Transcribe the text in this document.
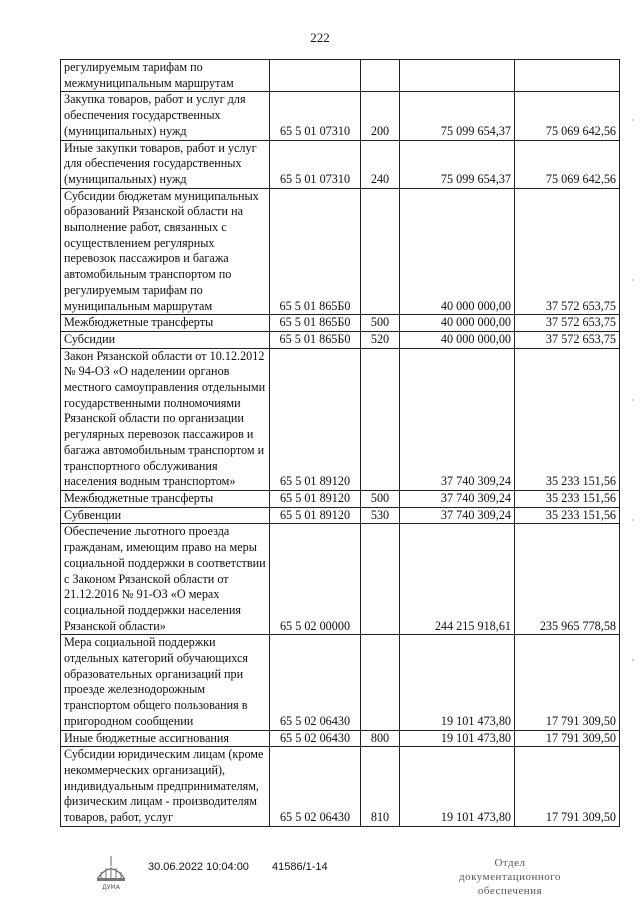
222
регулируемым тарифам по межмуниципальным маршрутам				
Закупка товаров, работ и услуг для обеспечения государственных (муниципальных) нужд	65 5 01 07310	200	75 099 654,37	75 069 642,56
Иные закупки товаров, работ и услуг для обеспечения государственных (муниципальных) нужд	65 5 01 07310	240	75 099 654,37	75 069 642,56
Субсидии бюджетам муниципальных образований Рязанской области на выполнение работ, связанных с осуществлением регулярных перевозок пассажиров и багажа автомобильным транспортом по регулируемым тарифам по муниципальным маршрутам	65 5 01 865Б0		40 000 000,00	37 572 653,75
Межбюджетные трансферты	65 5 01 865Б0	500	40 000 000,00	37 572 653,75
Субсидии	65 5 01 865Б0	520	40 000 000,00	37 572 653,75
Закон Рязанской области от 10.12.2012 № 94-ОЗ «О наделении органов местного самоуправления отдельными государственными полномочиями Рязанской области по организации регулярных перевозок пассажиров и багажа автомобильным транспортом и транспортного обслуживания населения водным транспортом»	65 5 01 89120		37 740 309,24	35 233 151,56
Межбюджетные трансферты	65 5 01 89120	500	37 740 309,24	35 233 151,56
Субвенции	65 5 01 89120	530	37 740 309,24	35 233 151,56
Обеспечение льготного проезда гражданам, имеющим право на меры социальной поддержки в соответствии с Законом Рязанской области от 21.12.2016 № 91-ОЗ «О мерах социальной поддержки населения Рязанской области»	65 5 02 00000		244 215 918,61	235 965 778,58
Мера социальной поддержки отдельных категорий обучающихся образовательных организаций при проезде железнодорожным транспортом общего пользования в пригородном сообщении	65 5 02 06430		19 101 473,80	17 791 309,50
Иные бюджетные ассигнования	65 5 02 06430	800	19 101 473,80	17 791 309,50
Субсидии юридическим лицам (кроме некоммерческих организаций), индивидуальным предпринимателям, физическим лицам - производителям товаров, работ, услуг	65 5 02 06430	810	19 101 473,80	17 791 309,50
ДУМА
30.06.2022 10:04:00 41586/1-14	Отдел документационного
обеспечения
